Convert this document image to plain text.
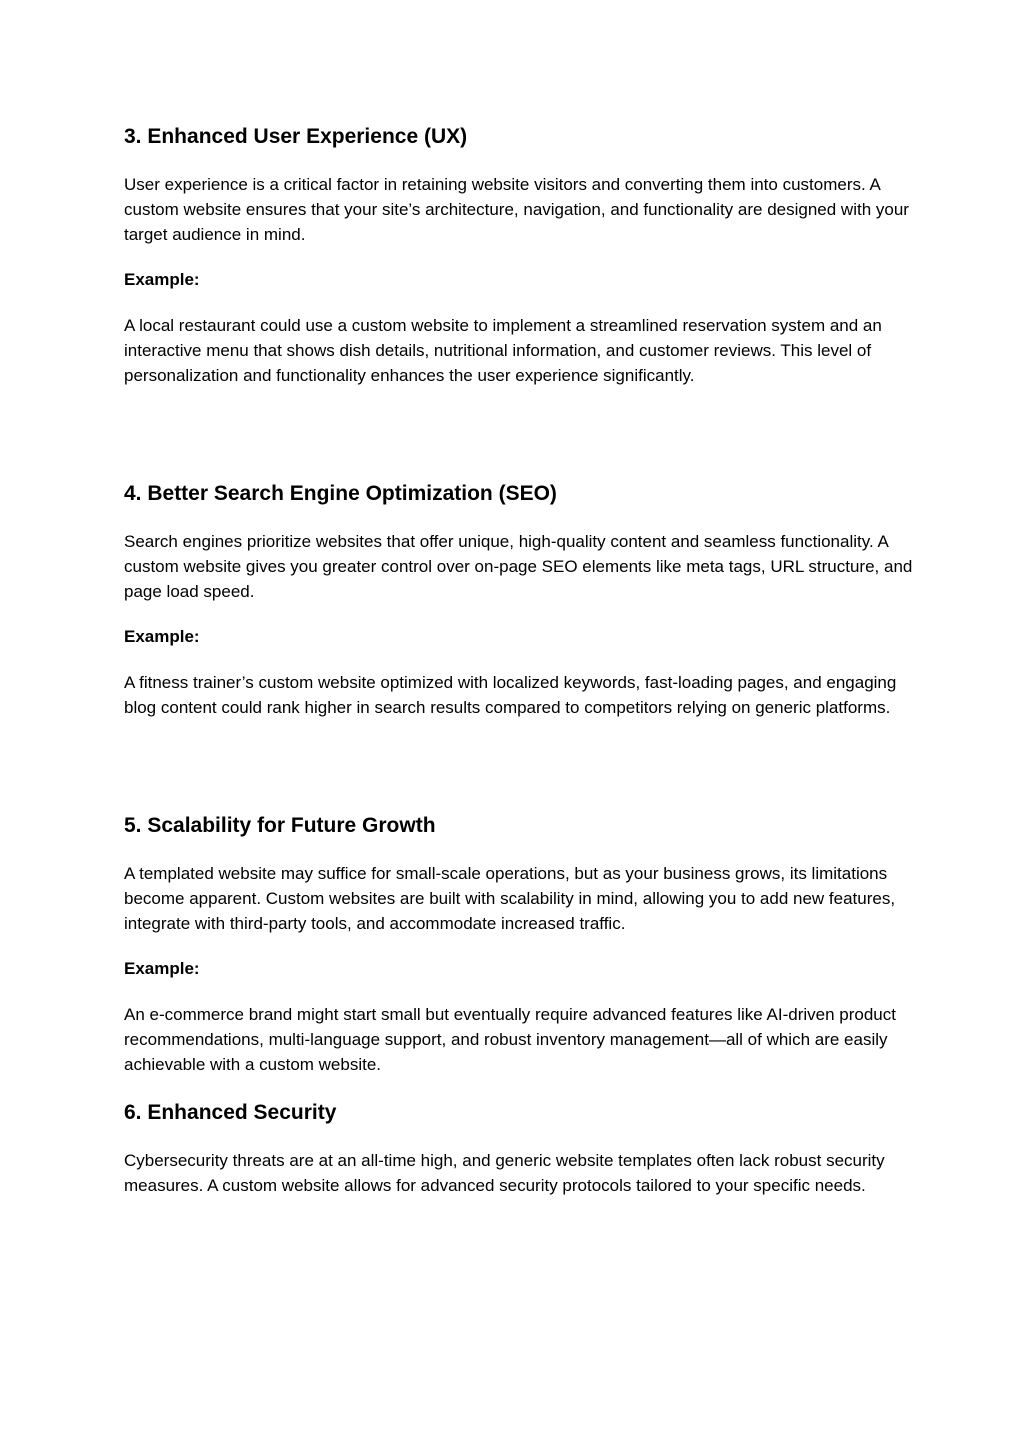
3. Enhanced User Experience (UX)

User experience is a critical factor in retaining website visitors and converting them into customers. A custom website ensures that your site’s architecture, navigation, and functionality are designed with your target audience in mind.

Example:

A local restaurant could use a custom website to implement a streamlined reservation system and an interactive menu that shows dish details, nutritional information, and customer reviews. This level of personalization and functionality enhances the user experience significantly.

4. Better Search Engine Optimization (SEO)

Search engines prioritize websites that offer unique, high-quality content and seamless functionality. A custom website gives you greater control over on-page SEO elements like meta tags, URL structure, and page load speed.

Example:

A fitness trainer’s custom website optimized with localized keywords, fast-loading pages, and engaging blog content could rank higher in search results compared to competitors relying on generic platforms.

5. Scalability for Future Growth

A templated website may suffice for small-scale operations, but as your business grows, its limitations become apparent. Custom websites are built with scalability in mind, allowing you to add new features, integrate with third-party tools, and accommodate increased traffic.

Example:

An e-commerce brand might start small but eventually require advanced features like AI-driven product recommendations, multi-language support, and robust inventory management—all of which are easily achievable with a custom website.

6. Enhanced Security

Cybersecurity threats are at an all-time high, and generic website templates often lack robust security measures. A custom website allows for advanced security protocols tailored to your specific needs.
